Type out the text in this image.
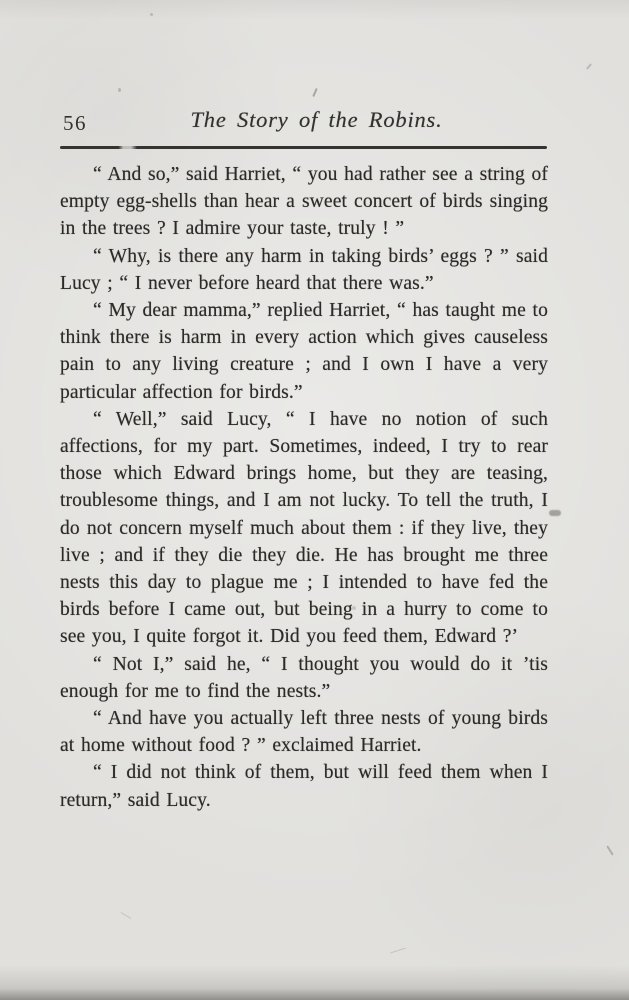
56	The Story of the Robins.

“ And so,” said Harriet, “ you had rather see a string of empty egg-shells than hear a sweet concert of birds singing in the trees ? I admire your taste, truly ! ”

“ Why, is there any harm in taking birds’ eggs ? ” said Lucy ; “ I never before heard that there was.”

“ My dear mamma,” replied Harriet, “ has taught me to think there is harm in every action which gives causeless pain to any living creature ; and I own I have a very particular affection for birds.”

“ Well,” said Lucy, “ I have no notion of such affections, for my part. Sometimes, indeed, I try to rear those which Edward brings home, but they are teasing, troublesome things, and I am not lucky. To tell the truth, I do not concern myself much about them : if they live, they live ; and if they die they die. He has brought me three nests this day to plague me ; I intended to have fed the birds before I came out, but being in a hurry to come to see you, I quite forgot it. Did you feed them, Edward ?’

“ Not I,” said he, “ I thought you would do it ’tis enough for me to find the nests.”

“ And have you actually left three nests of young birds at home without food ? ” exclaimed Harriet.

“ I did not think of them, but will feed them when I return,” said Lucy.
